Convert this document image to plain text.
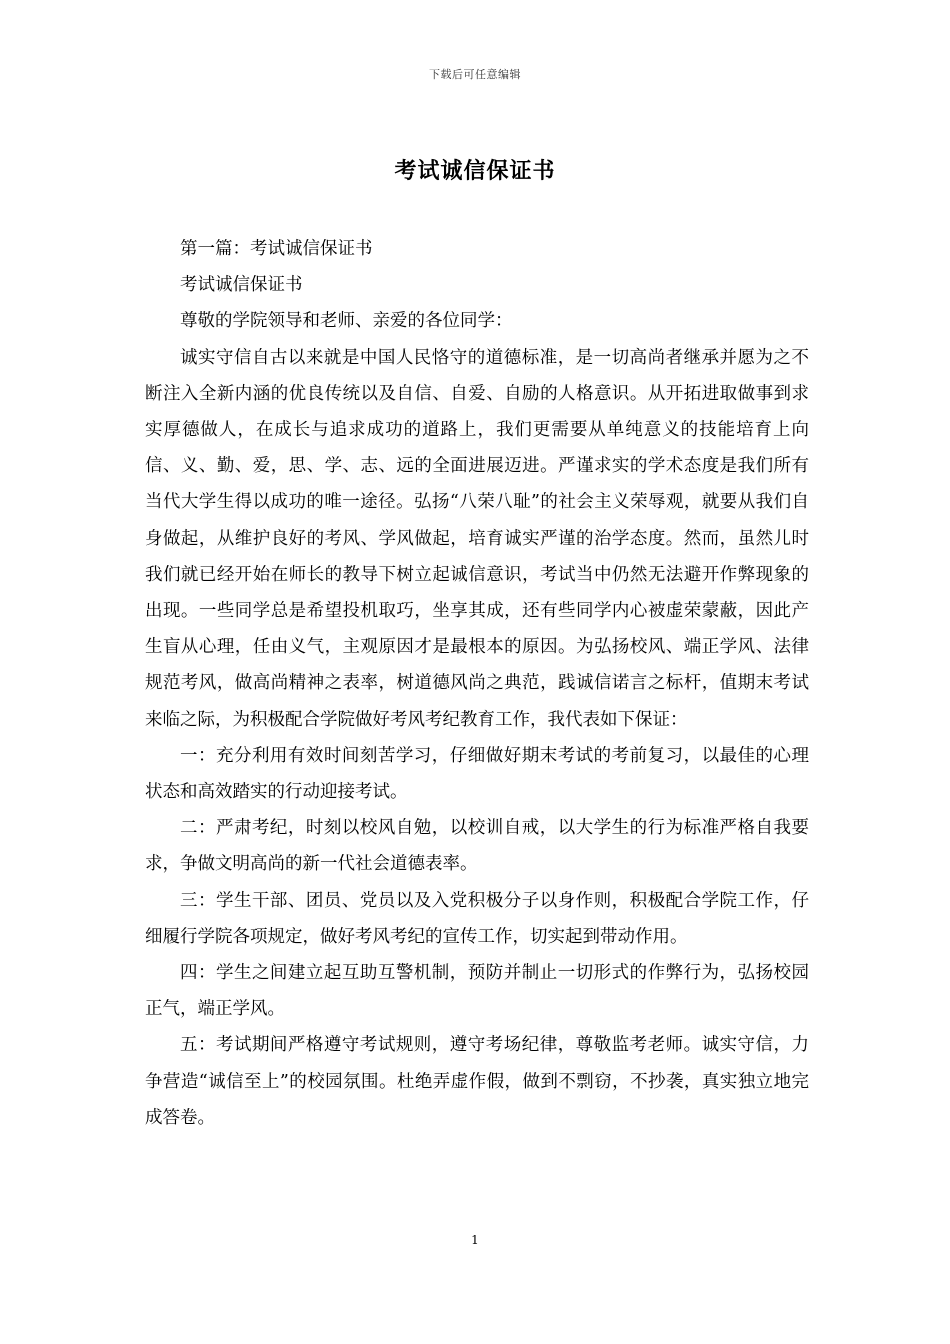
下载后可任意编辑
考试诚信保证书

第一篇：考试诚信保证书

考试诚信保证书

尊敬的学院领导和老师、亲爱的各位同学：

诚实守信自古以来就是中国人民恪守的道德标准，是一切高尚者继承并愿为之不断注入全新内涵的优良传统以及自信、自爱、自励的人格意识。从开拓进取做事到求实厚德做人，在成长与追求成功的道路上，我们更需要从单纯意义的技能培育上向信、义、勤、爱，思、学、志、远的全面进展迈进。严谨求实的学术态度是我们所有当代大学生得以成功的唯一途径。弘扬“八荣八耻”的社会主义荣辱观，就要从我们自身做起，从维护良好的考风、学风做起，培育诚实严谨的治学态度。然而，虽然儿时我们就已经开始在师长的教导下树立起诚信意识，考试当中仍然无法避开作弊现象的出现。一些同学总是希望投机取巧，坐享其成，还有些同学内心被虚荣蒙蔽，因此产生盲从心理，任由义气，主观原因才是最根本的原因。为弘扬校风、端正学风、法律规范考风，做高尚精神之表率，树道德风尚之典范，践诚信诺言之标杆，值期末考试来临之际，为积极配合学院做好考风考纪教育工作，我代表如下保证：

一：充分利用有效时间刻苦学习，仔细做好期末考试的考前复习，以最佳的心理状态和高效踏实的行动迎接考试。

二：严肃考纪，时刻以校风自勉，以校训自戒，以大学生的行为标准严格自我要求，争做文明高尚的新一代社会道德表率。

三：学生干部、团员、党员以及入党积极分子以身作则，积极配合学院工作，仔细履行学院各项规定，做好考风考纪的宣传工作，切实起到带动作用。

四：学生之间建立起互助互警机制，预防并制止一切形式的作弊行为，弘扬校园正气，端正学风。

五：考试期间严格遵守考试规则，遵守考场纪律，尊敬监考老师。诚实守信，力争营造“诚信至上”的校园氛围。杜绝弄虚作假，做到不剽窃，不抄袭，真实独立地完成答卷。

1
